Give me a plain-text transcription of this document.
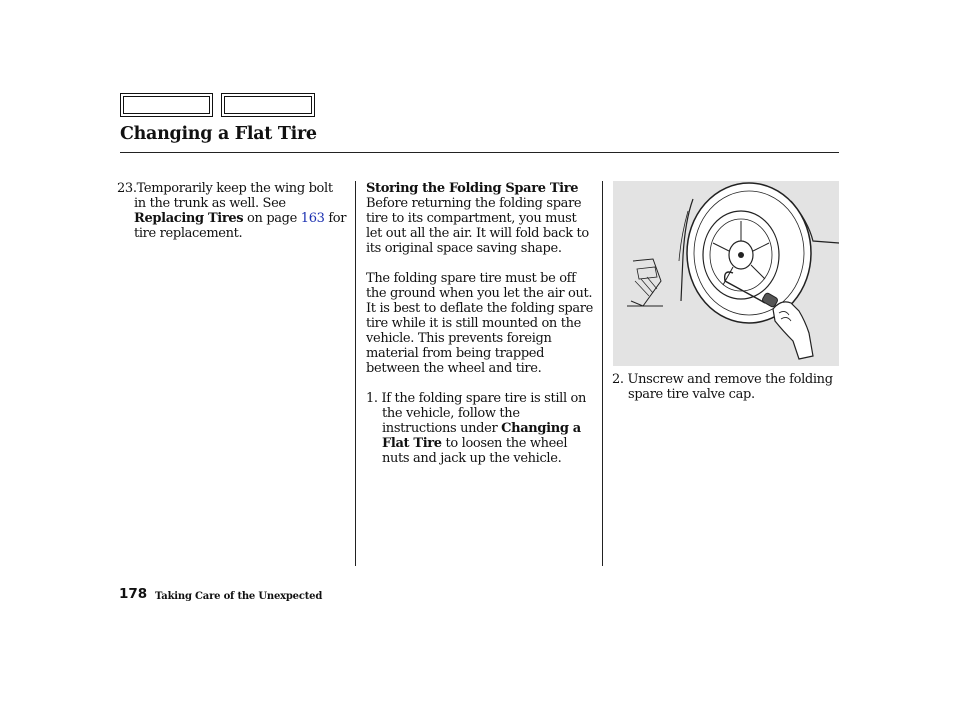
Changing a Flat Tire

23.Temporarily keep the wing bolt in the trunk as well. See Replacing Tires on page 163 for tire replacement.

Storing the Folding Spare Tire

Before returning the folding spare tire to its compartment, you must let out all the air. It will fold back to its original space saving shape.

The folding spare tire must be off the ground when you let the air out. It is best to deflate the folding spare tire while it is still mounted on the vehicle. This prevents foreign material from being trapped between the wheel and tire.

1. If the folding spare tire is still on the vehicle, follow the instructions under Changing a Flat Tire to loosen the wheel nuts and jack up the vehicle.

2. Unscrew and remove the folding spare tire valve cap.

178 Taking Care of the Unexpected
